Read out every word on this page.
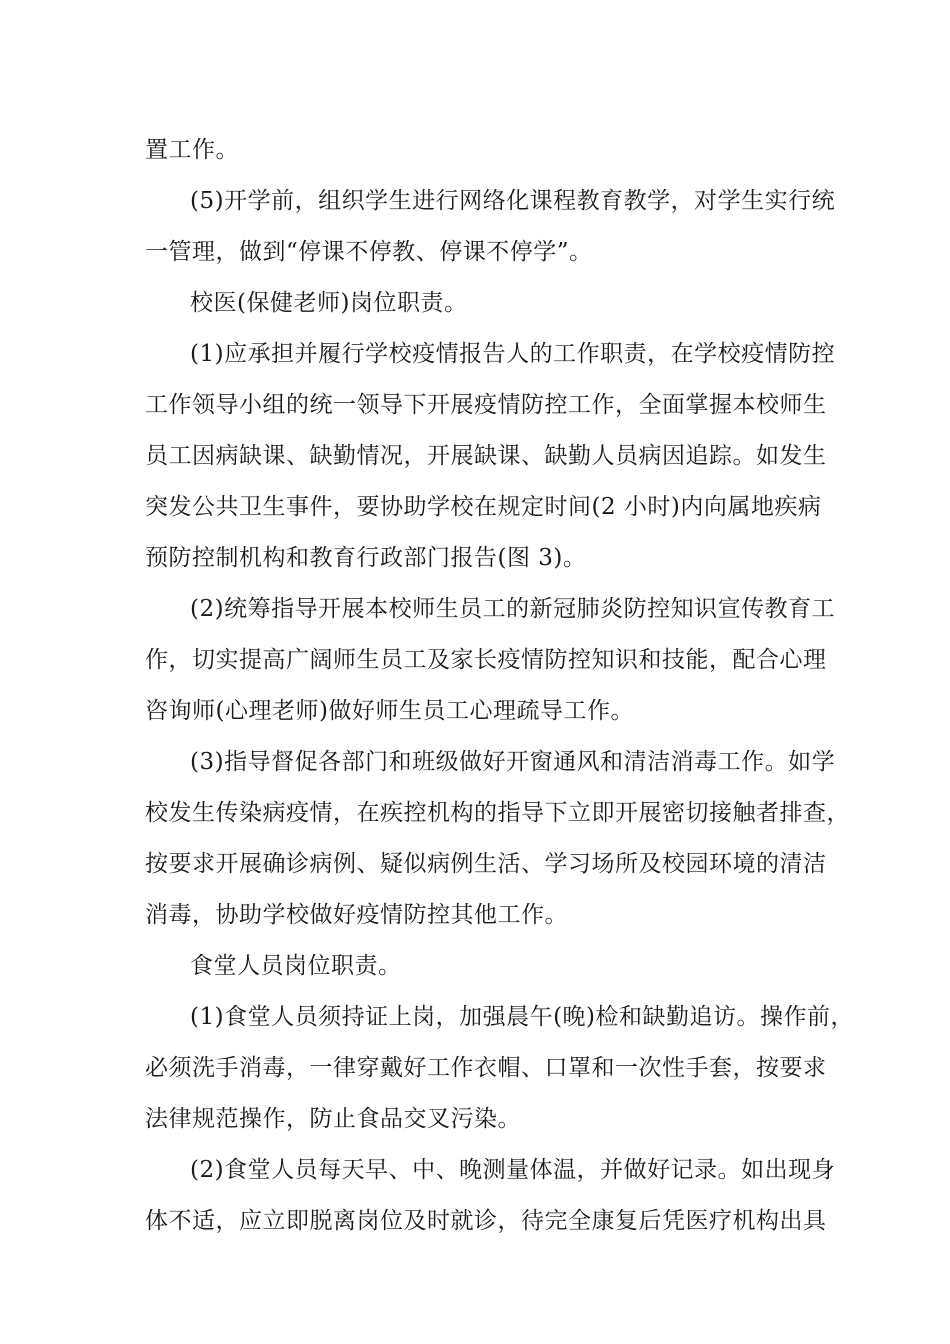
置工作。
(5)开学前，组织学生进行网络化课程教育教学，对学生实行统
一管理，做到“停课不停教、停课不停学”。
校医(保健老师)岗位职责。
(1)应承担并履行学校疫情报告人的工作职责，在学校疫情防控
工作领导小组的统一领导下开展疫情防控工作，全面掌握本校师生
员工因病缺课、缺勤情况，开展缺课、缺勤人员病因追踪。如发生
突发公共卫生事件，要协助学校在规定时间(2 小时)内向属地疾病
预防控制机构和教育行政部门报告(图 3)。
(2)统筹指导开展本校师生员工的新冠肺炎防控知识宣传教育工
作，切实提高广阔师生员工及家长疫情防控知识和技能，配合心理
咨询师(心理老师)做好师生员工心理疏导工作。
(3)指导督促各部门和班级做好开窗通风和清洁消毒工作。如学
校发生传染病疫情，在疾控机构的指导下立即开展密切接触者排查，
按要求开展确诊病例、疑似病例生活、学习场所及校园环境的清洁
消毒，协助学校做好疫情防控其他工作。
食堂人员岗位职责。
(1)食堂人员须持证上岗，加强晨午(晚)检和缺勤追访。操作前，
必须洗手消毒，一律穿戴好工作衣帽、口罩和一次性手套，按要求
法律规范操作，防止食品交叉污染。
(2)食堂人员每天早、中、晚测量体温，并做好记录。如出现身
体不适，应立即脱离岗位及时就诊，待完全康复后凭医疗机构出具
